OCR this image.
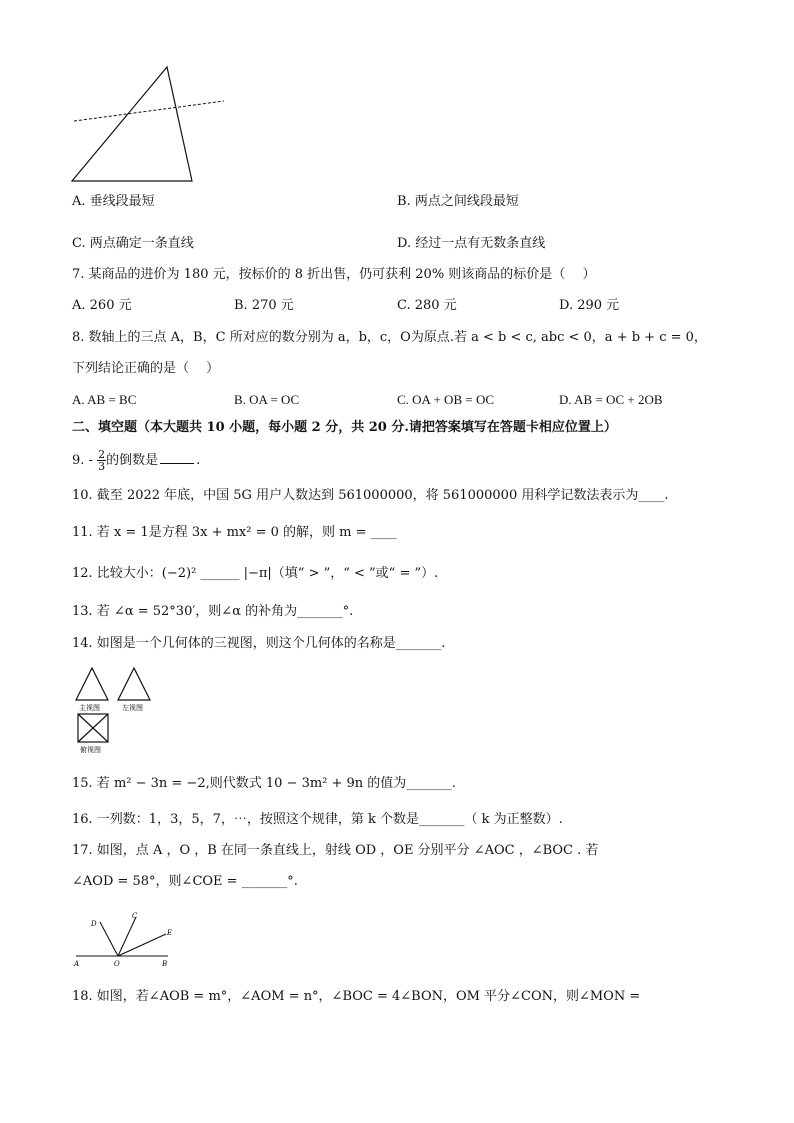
A. 垂线段最短	B. 两点之间线段最短
C. 两点确定一条直线	D. 经过一点有无数条直线
7. 某商品的进价为 180 元，按标价的 8 折出售，仍可获利 20% 则该商品的标价是（　 ）
A. 260 元	B. 270 元	C. 280 元	D. 290 元
8. 数轴上的三点 A，B，C 所对应的数分别为 a，b，c，O为原点.若 a < b < c, abc < 0，a + b + c = 0，
下列结论正确的是（　 ）
A. AB = BC	B. OA = OC	C. OA + OB = OC	D. AB = OC + 2OB
二、填空题（本大题共 10 小题，每小题 2 分，共 20 分.请把答案填写在答题卡相应位置上）
9. - $\frac{2}{3}$ 的倒数是	.
10. 截至 2022 年底，中国 5G 用户人数达到 561000000，将 561000000 用科学记数法表示为____.
11. 若 x = 1是方程 3x + mx² = 0 的解，则 m = ____
12. 比较大小：(−2)² ______ |−π|（填“ > ”，“ < ”或“ = ”）.
13. 若 ∠α = 52°30′，则∠α 的补角为_______°.
14. 如图是一个几何体的三视图，则这个几何体的名称是_______.
主视图	左视图
俯视图
15. 若 m² − 3n = −2,则代数式 10 − 3m² + 9n 的值为_______.
16. 一列数：1，3，5，7，⋯，按照这个规律，第 k 个数是_______（ k 为正整数）.
17. 如图，点 A ，O ，B 在同一条直线上，射线 OD ，OE 分别平分 ∠AOC ，∠BOC . 若
∠AOD = 58°，则∠COE = _______°.
A	O	B
D
C
E
18. 如图，若∠AOB = m°，∠AOM = n°，∠BOC = 4∠BON，OM 平分∠CON，则∠MON =
